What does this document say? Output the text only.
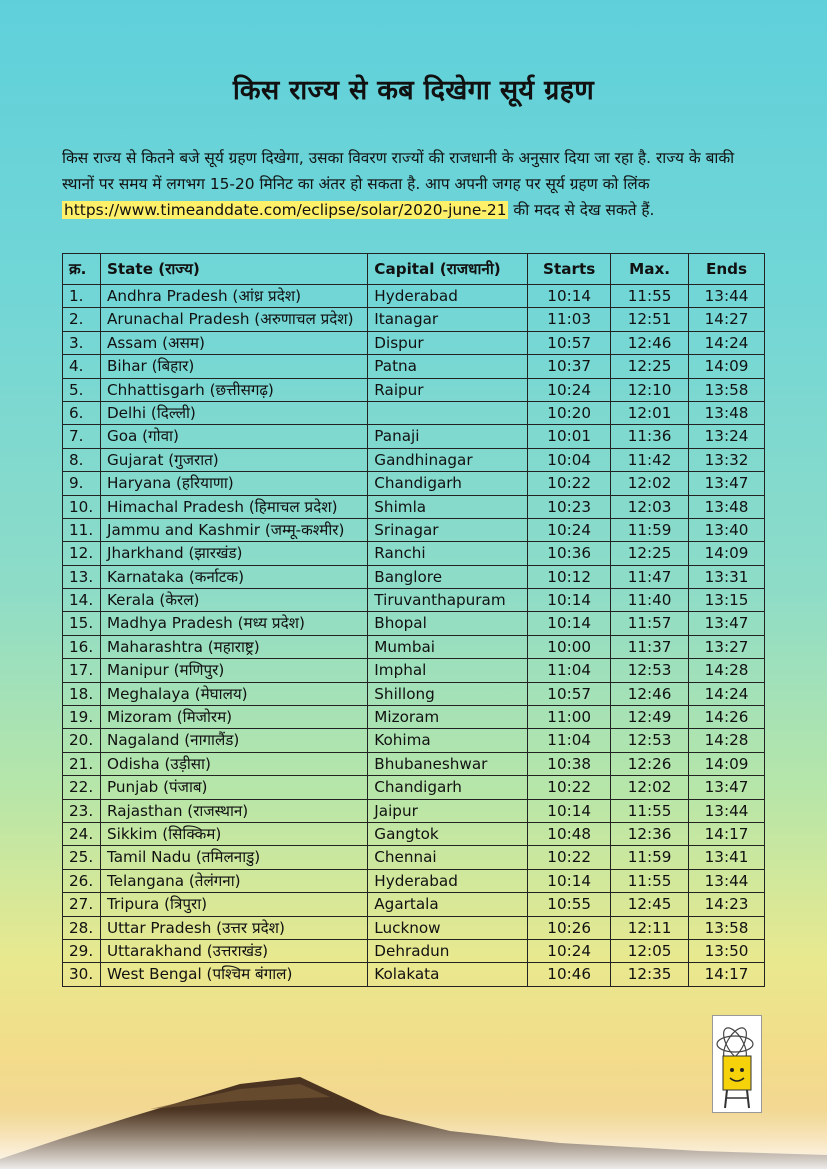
किस राज्य से कब दिखेगा सूर्य ग्रहण

किस राज्य से कितने बजे सूर्य ग्रहण दिखेगा, उसका विवरण राज्यों की राजधानी के अनुसार दिया जा रहा है. राज्य के बाकी स्थानों पर समय में लगभग 15-20 मिनिट का अंतर हो सकता है. आप अपनी जगह पर सूर्य ग्रहण को लिंक https://www.timeanddate.com/eclipse/solar/2020-june-21 की मदद से देख सकते हैं.

क्र.	State (राज्य)	Capital (राजधानी)	Starts	Max.	Ends
1.	Andhra Pradesh (आंध्र प्रदेश)	Hyderabad	10:14	11:55	13:44
2.	Arunachal Pradesh (अरुणाचल प्रदेश)	Itanagar	11:03	12:51	14:27
3.	Assam (असम)	Dispur	10:57	12:46	14:24
4.	Bihar (बिहार)	Patna	10:37	12:25	14:09
5.	Chhattisgarh (छत्तीसगढ़)	Raipur	10:24	12:10	13:58
6.	Delhi (दिल्ली)		10:20	12:01	13:48
7.	Goa (गोवा)	Panaji	10:01	11:36	13:24
8.	Gujarat (गुजरात)	Gandhinagar	10:04	11:42	13:32
9.	Haryana (हरियाणा)	Chandigarh	10:22	12:02	13:47
10.	Himachal Pradesh (हिमाचल प्रदेश)	Shimla	10:23	12:03	13:48
11.	Jammu and Kashmir (जम्मू-कश्मीर)	Srinagar	10:24	11:59	13:40
12.	Jharkhand (झारखंड)	Ranchi	10:36	12:25	14:09
13.	Karnataka (कर्नाटक)	Banglore	10:12	11:47	13:31
14.	Kerala (केरल)	Tiruvanthapuram	10:14	11:40	13:15
15.	Madhya Pradesh (मध्य प्रदेश)	Bhopal	10:14	11:57	13:47
16.	Maharashtra (महाराष्ट्र)	Mumbai	10:00	11:37	13:27
17.	Manipur (मणिपुर)	Imphal	11:04	12:53	14:28
18.	Meghalaya (मेघालय)	Shillong	10:57	12:46	14:24
19.	Mizoram (मिजोरम)	Mizoram	11:00	12:49	14:26
20.	Nagaland (नागालैंड)	Kohima	11:04	12:53	14:28
21.	Odisha (उड़ीसा)	Bhubaneshwar	10:38	12:26	14:09
22.	Punjab (पंजाब)	Chandigarh	10:22	12:02	13:47
23.	Rajasthan (राजस्थान)	Jaipur	10:14	11:55	13:44
24.	Sikkim (सिक्किम)	Gangtok	10:48	12:36	14:17
25.	Tamil Nadu (तमिलनाडु)	Chennai	10:22	11:59	13:41
26.	Telangana (तेलंगना)	Hyderabad	10:14	11:55	13:44
27.	Tripura (त्रिपुरा)	Agartala	10:55	12:45	14:23
28.	Uttar Pradesh (उत्तर प्रदेश)	Lucknow	10:26	12:11	13:58
29.	Uttarakhand (उत्तराखंड)	Dehradun	10:24	12:05	13:50
30.	West Bengal (पश्चिम बंगाल)	Kolakata	10:46	12:35	14:17
